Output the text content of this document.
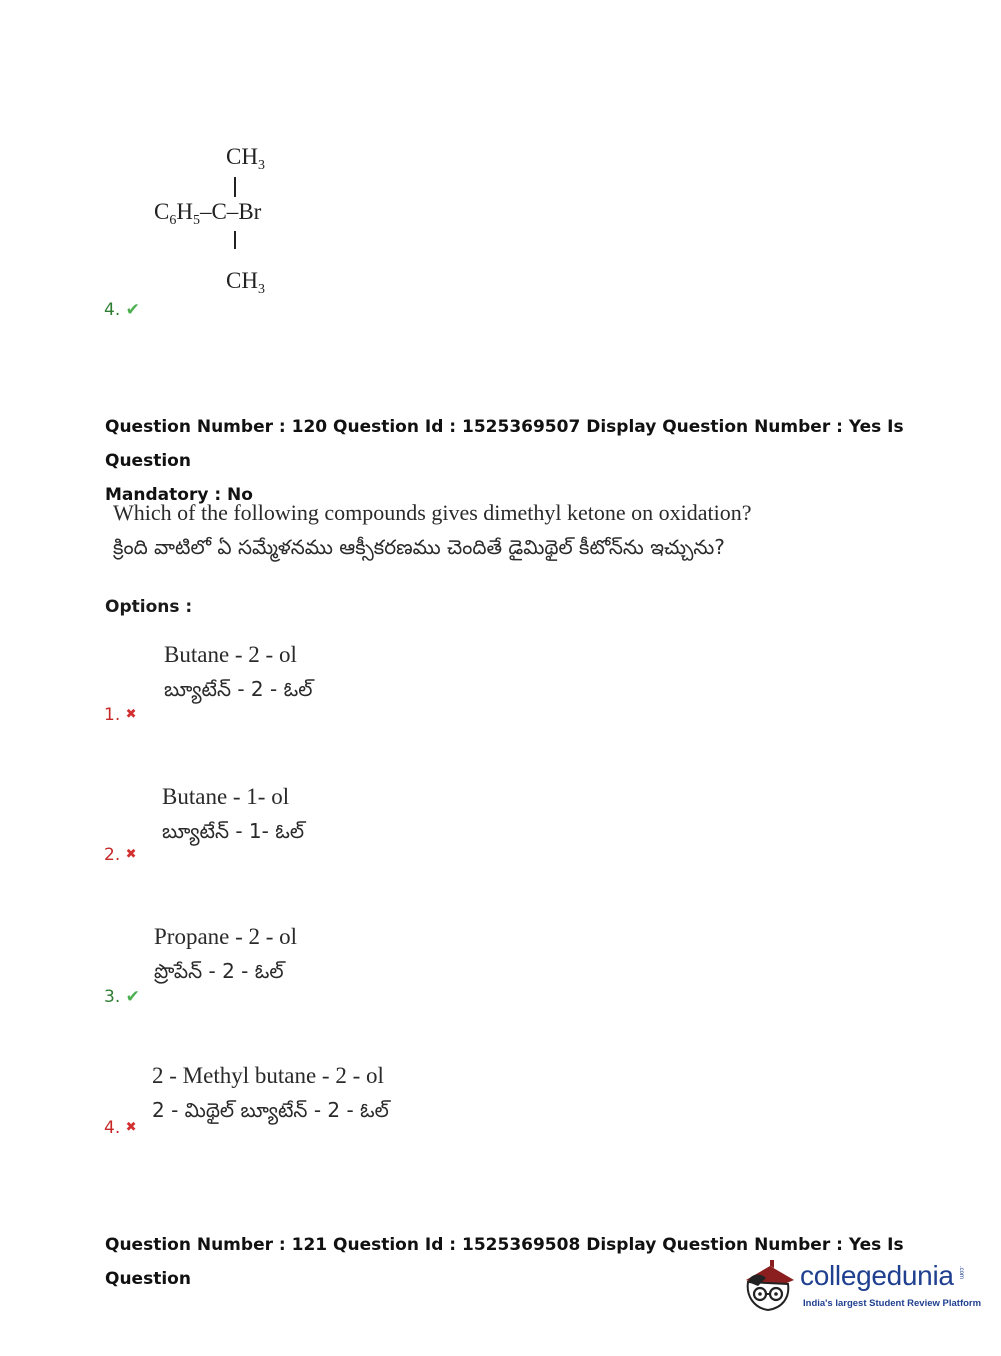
$CH_3$
$C_6H_5-C-Br$
$CH_3$
4. ✔
Question Number : 120 Question Id : 1525369507 Display Question Number : Yes Is Question
Mandatory : No
Which of the following compounds gives dimethyl ketone on oxidation?
క్రింది వాటిలో ఏ సమ్మేళనము ఆక్సీకరణము చెందితే డైమిథైల్ కీటోన్‌ను ఇచ్చును?
Options :
Butane - 2 - ol
బ్యూటేన్ - 2 - ఓల్
1. ✖
Butane - 1- ol
బ్యూటేన్ - 1- ఓల్
2. ✖
Propane - 2 - ol
ప్రొపేన్ - 2 - ఓల్
3. ✔
2 - Methyl butane - 2 - ol
2 - మిథైల్ బ్యూటేన్ - 2 - ఓల్
4. ✖
Question Number : 121 Question Id : 1525369508 Display Question Number : Yes Is Question	collegedunia .com
India's largest Student Review Platform
